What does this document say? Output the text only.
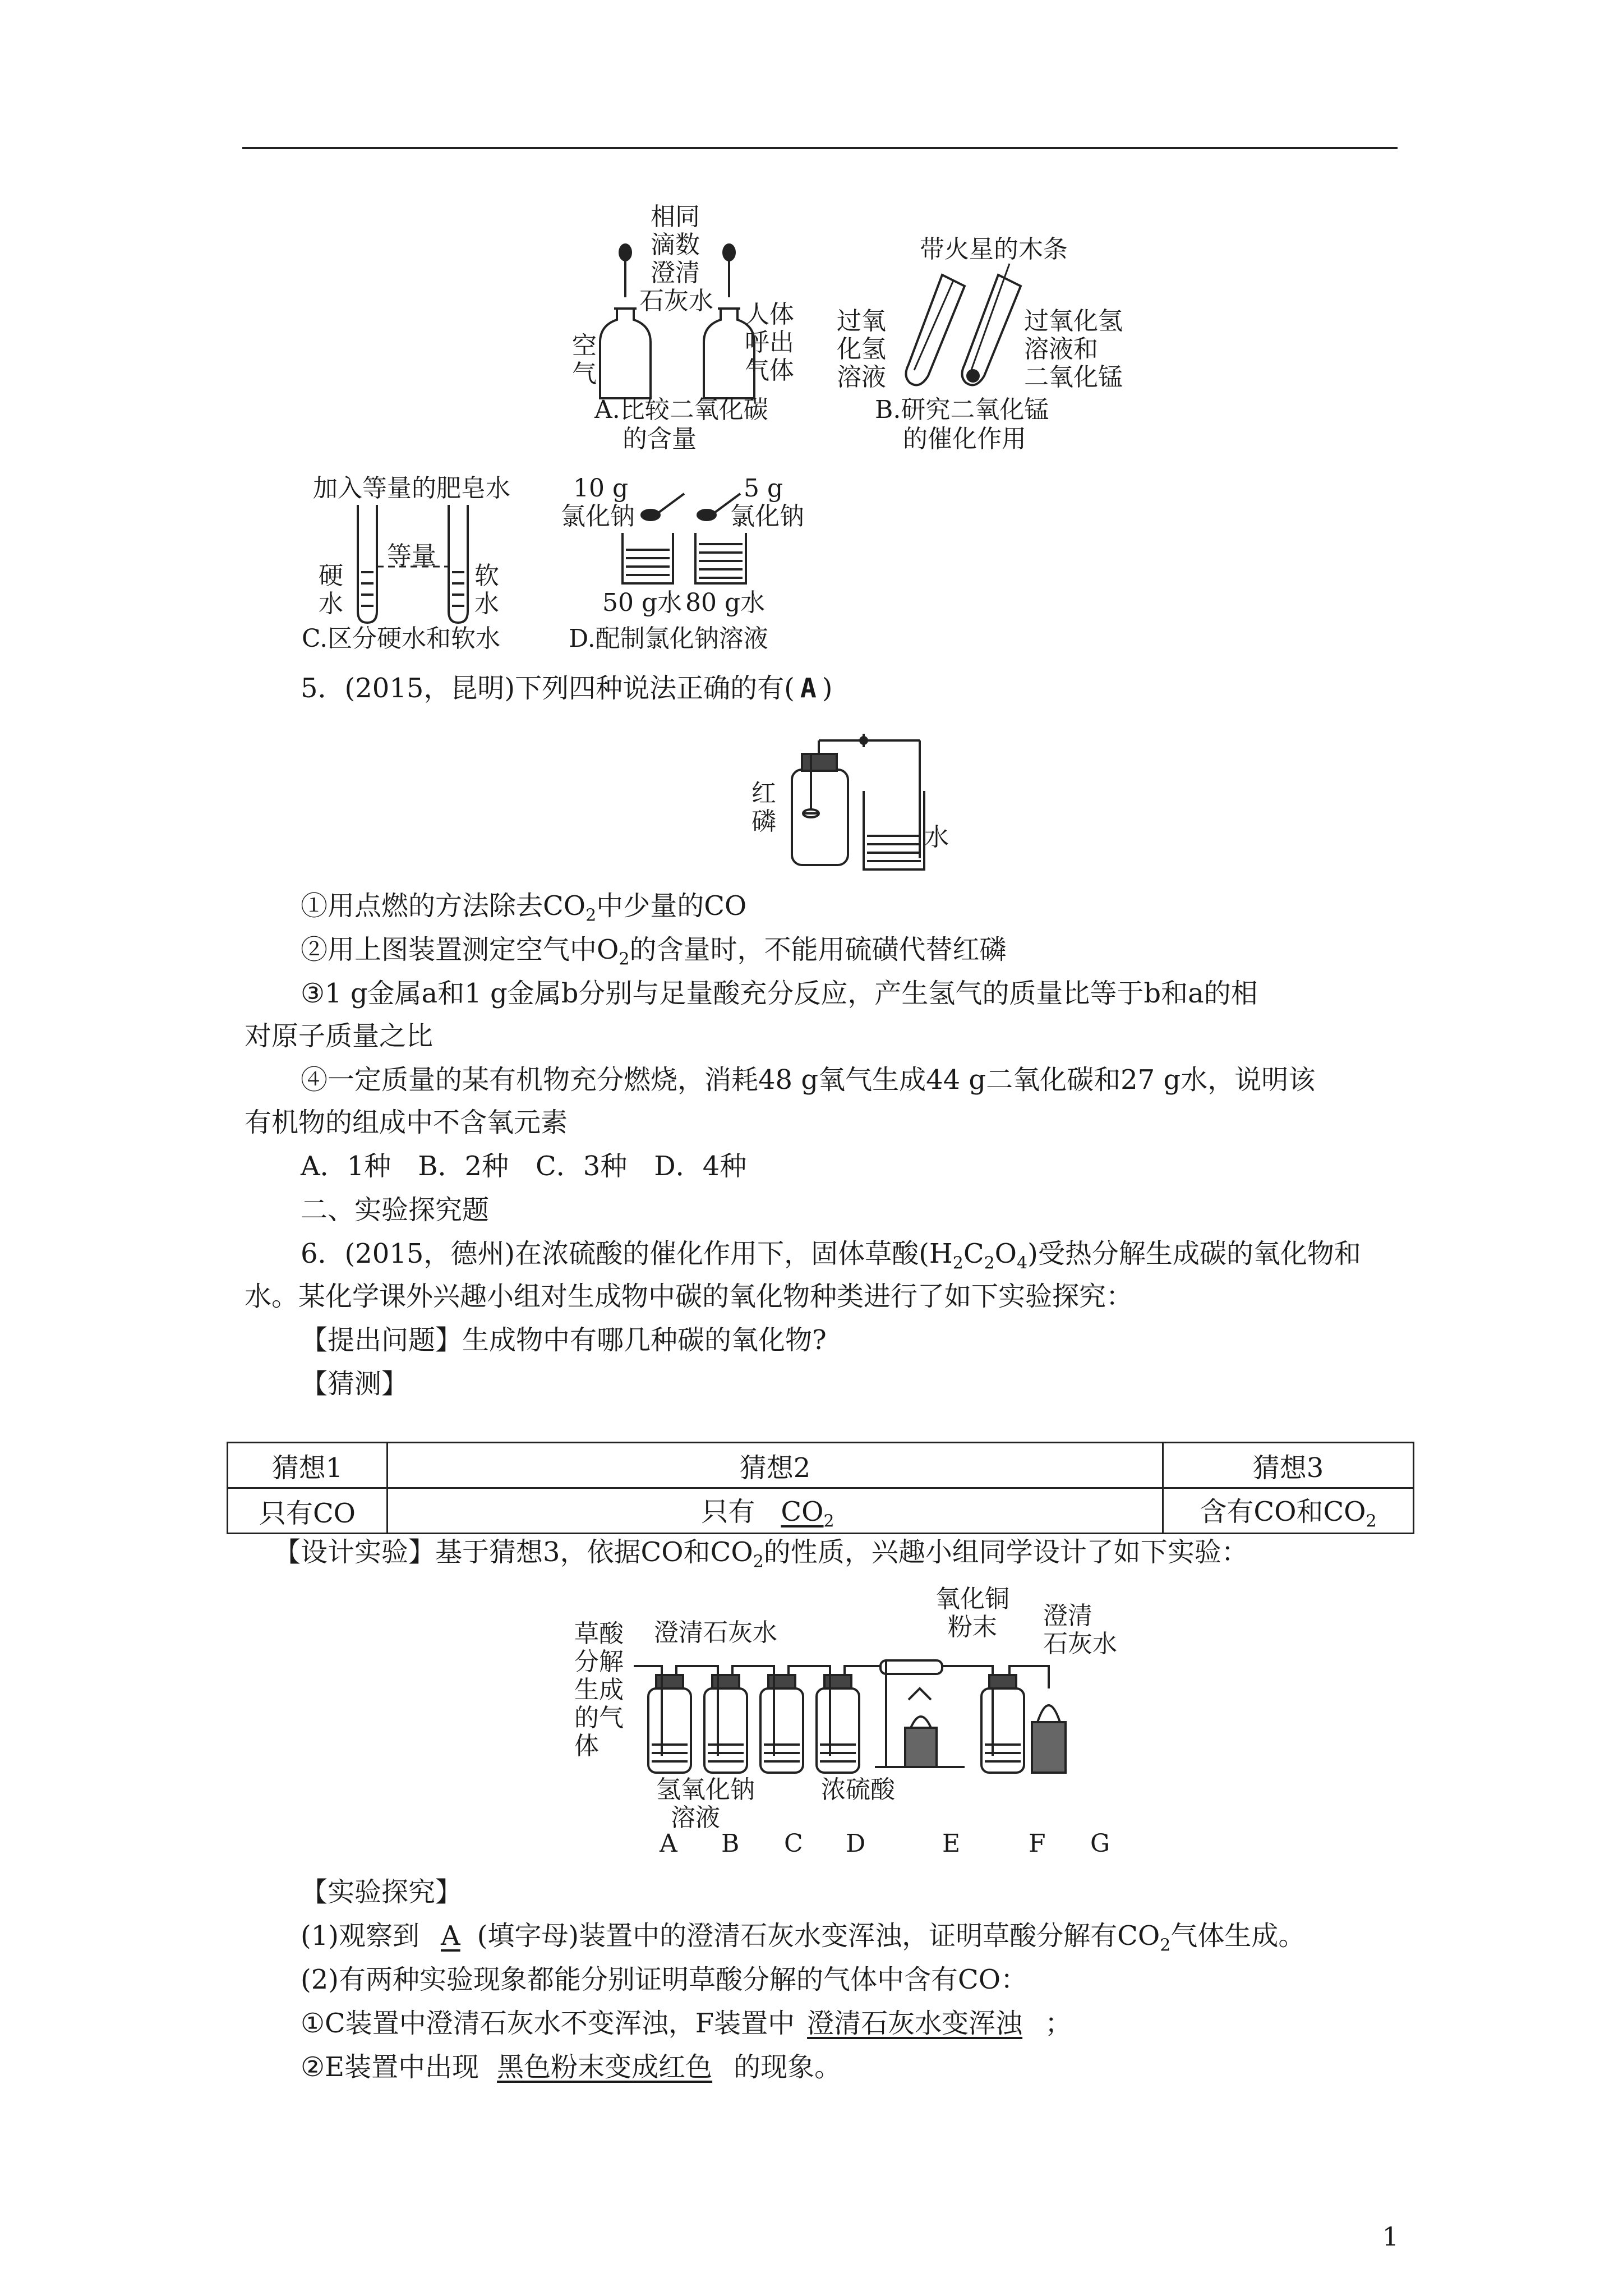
相同
滴数
澄清
石灰水
空
气
人体
呼出
气体
A.比较二氧化碳
的含量
带火星的木条
过氧
化氢
溶液
过氧化氢
溶液和
二氧化锰
B.研究二氧化锰
的催化作用
加入等量的肥皂水
硬
水
等量
软
水
C.区分硬水和软水
10 g
氯化钠
5 g
氯化钠
50 g水 80 g水
D.配制氯化钠溶液
5．(2015，昆明)下列四种说法正确的有( A )
红
磷
水
①用点燃的方法除去$CO_2$中少量的CO
②用上图装置测定空气中$O_2$的含量时，不能用硫磺代替红磷
③1 g金属a和1 g金属b分别与足量酸充分反应，产生氢气的质量比等于b和a的相
对原子质量之比
④一定质量的某有机物充分燃烧，消耗48 g氧气生成44 g二氧化碳和27 g水，说明该
有机物的组成中不含氧元素
A．1种　B．2种　C．3种　D．4种
二、实验探究题
6．(2015，德州)在浓硫酸的催化作用下，固体草酸$(H_2C_2O_4)$受热分解生成碳的氧化物和
水。某化学课外兴趣小组对生成物中碳的氧化物种类进行了如下实验探究：
【提出问题】生成物中有哪几种碳的氧化物?
【猜测】
猜想1	猜想2	猜想3
只有CO	只有 $CO_2$	含有CO和$CO_2$
【设计实验】基于猜想3，依据CO和$CO_2$的性质，兴趣小组同学设计了如下实验：
草酸
分解
生成
的气
体
澄清石灰水
氧化铜
粉末 澄清
石灰水
氢氧化钠
溶液
浓硫酸
A B C D	E	F G
【实验探究】
(1)观察到 A (填字母)装置中的澄清石灰水变浑浊，证明草酸分解有$CO_2$气体生成。
(2)有两种实验现象都能分别证明草酸分解的气体中含有CO：
①C装置中澄清石灰水不变浑浊，F装置中 澄清石灰水变浑浊 ；
②E装置中出现 黑色粉末变成红色 的现象。
1
